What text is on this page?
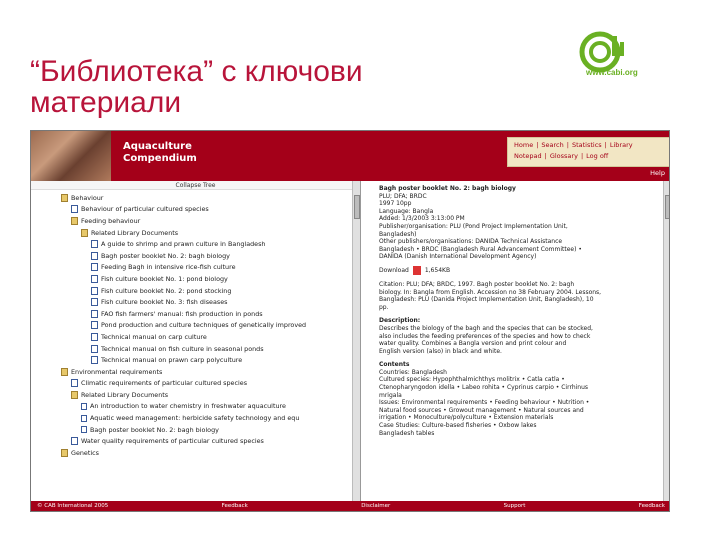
“Библиотека” с ключови материали
www.cabi.org
Aquaculture
Compendium
Home | Search | Statistics | Library
Notepad | Glossary | Log off
Help
Collapse Tree
Behaviour
Behaviour of particular cultured species
Feeding behaviour
Related Library Documents
A guide to shrimp and prawn culture in Bangladesh
Bagh poster booklet No. 2: bagh biology
Feeding Bagh in intensive rice-fish culture
Fish culture booklet No. 1: pond biology
Fish culture booklet No. 2: pond stocking
Fish culture booklet No. 3: fish diseases
FAO fish farmers' manual: fish production in ponds
Pond production and culture techniques of genetically improved
Technical manual on carp culture
Technical manual on fish culture in seasonal ponds
Technical manual on prawn carp polyculture
Environmental requirements
Climatic requirements of particular cultured species
Related Library Documents
An introduction to water chemistry in freshwater aquaculture
Aquatic weed management: herbicide safety technology and equ
Bagh poster booklet No. 2: bagh biology
Water quality requirements of particular cultured species
Genetics
Bagh poster booklet No. 2: bagh biology
PLU; DFA; BRDC
1997 10pp
Language: Bangla
Added: 1/3/2003 3:13:00 PM
Publisher/organisation: PLU (Pond Project Implementation Unit,
Bangladesh)
Other publishers/organisations: DANIDA Technical Assistance
Bangladesh • BRDC (Bangladesh Rural Advancement Committee) •
DANIDA (Danish International Development Agency)
Download	1,654KB
Citation: PLU; DFA; BRDC, 1997. Bagh poster booklet No. 2: bagh
biology. In: Bangla from English. Accession no 38 February 2004. Lessons,
Bangladesh: PLU (Danida Project Implementation Unit, Bangladesh), 10
pp.
Description:
Describes the biology of the bagh and the species that can be stocked,
also includes the feeding preferences of the species and how to check
water quality. Combines a Bangla version and print colour and
English version (also) in black and white.
Contents
Countries: Bangladesh
Cultured species: Hypophthalmichthys molitrix • Catla catla •
Ctenopharyngodon idella • Labeo rohita • Cyprinus carpio • Cirrhinus
mrigala
Issues: Environmental requirements • Feeding behaviour • Nutrition •
Natural food sources • Growout management • Natural sources and
irrigation • Monoculture/polyculture • Extension materials
Case Studies: Culture-based fisheries • Oxbow lakes
Bangladesh tables
© CAB International 2005	Feedback	Disclaimer	Support	Feedback
